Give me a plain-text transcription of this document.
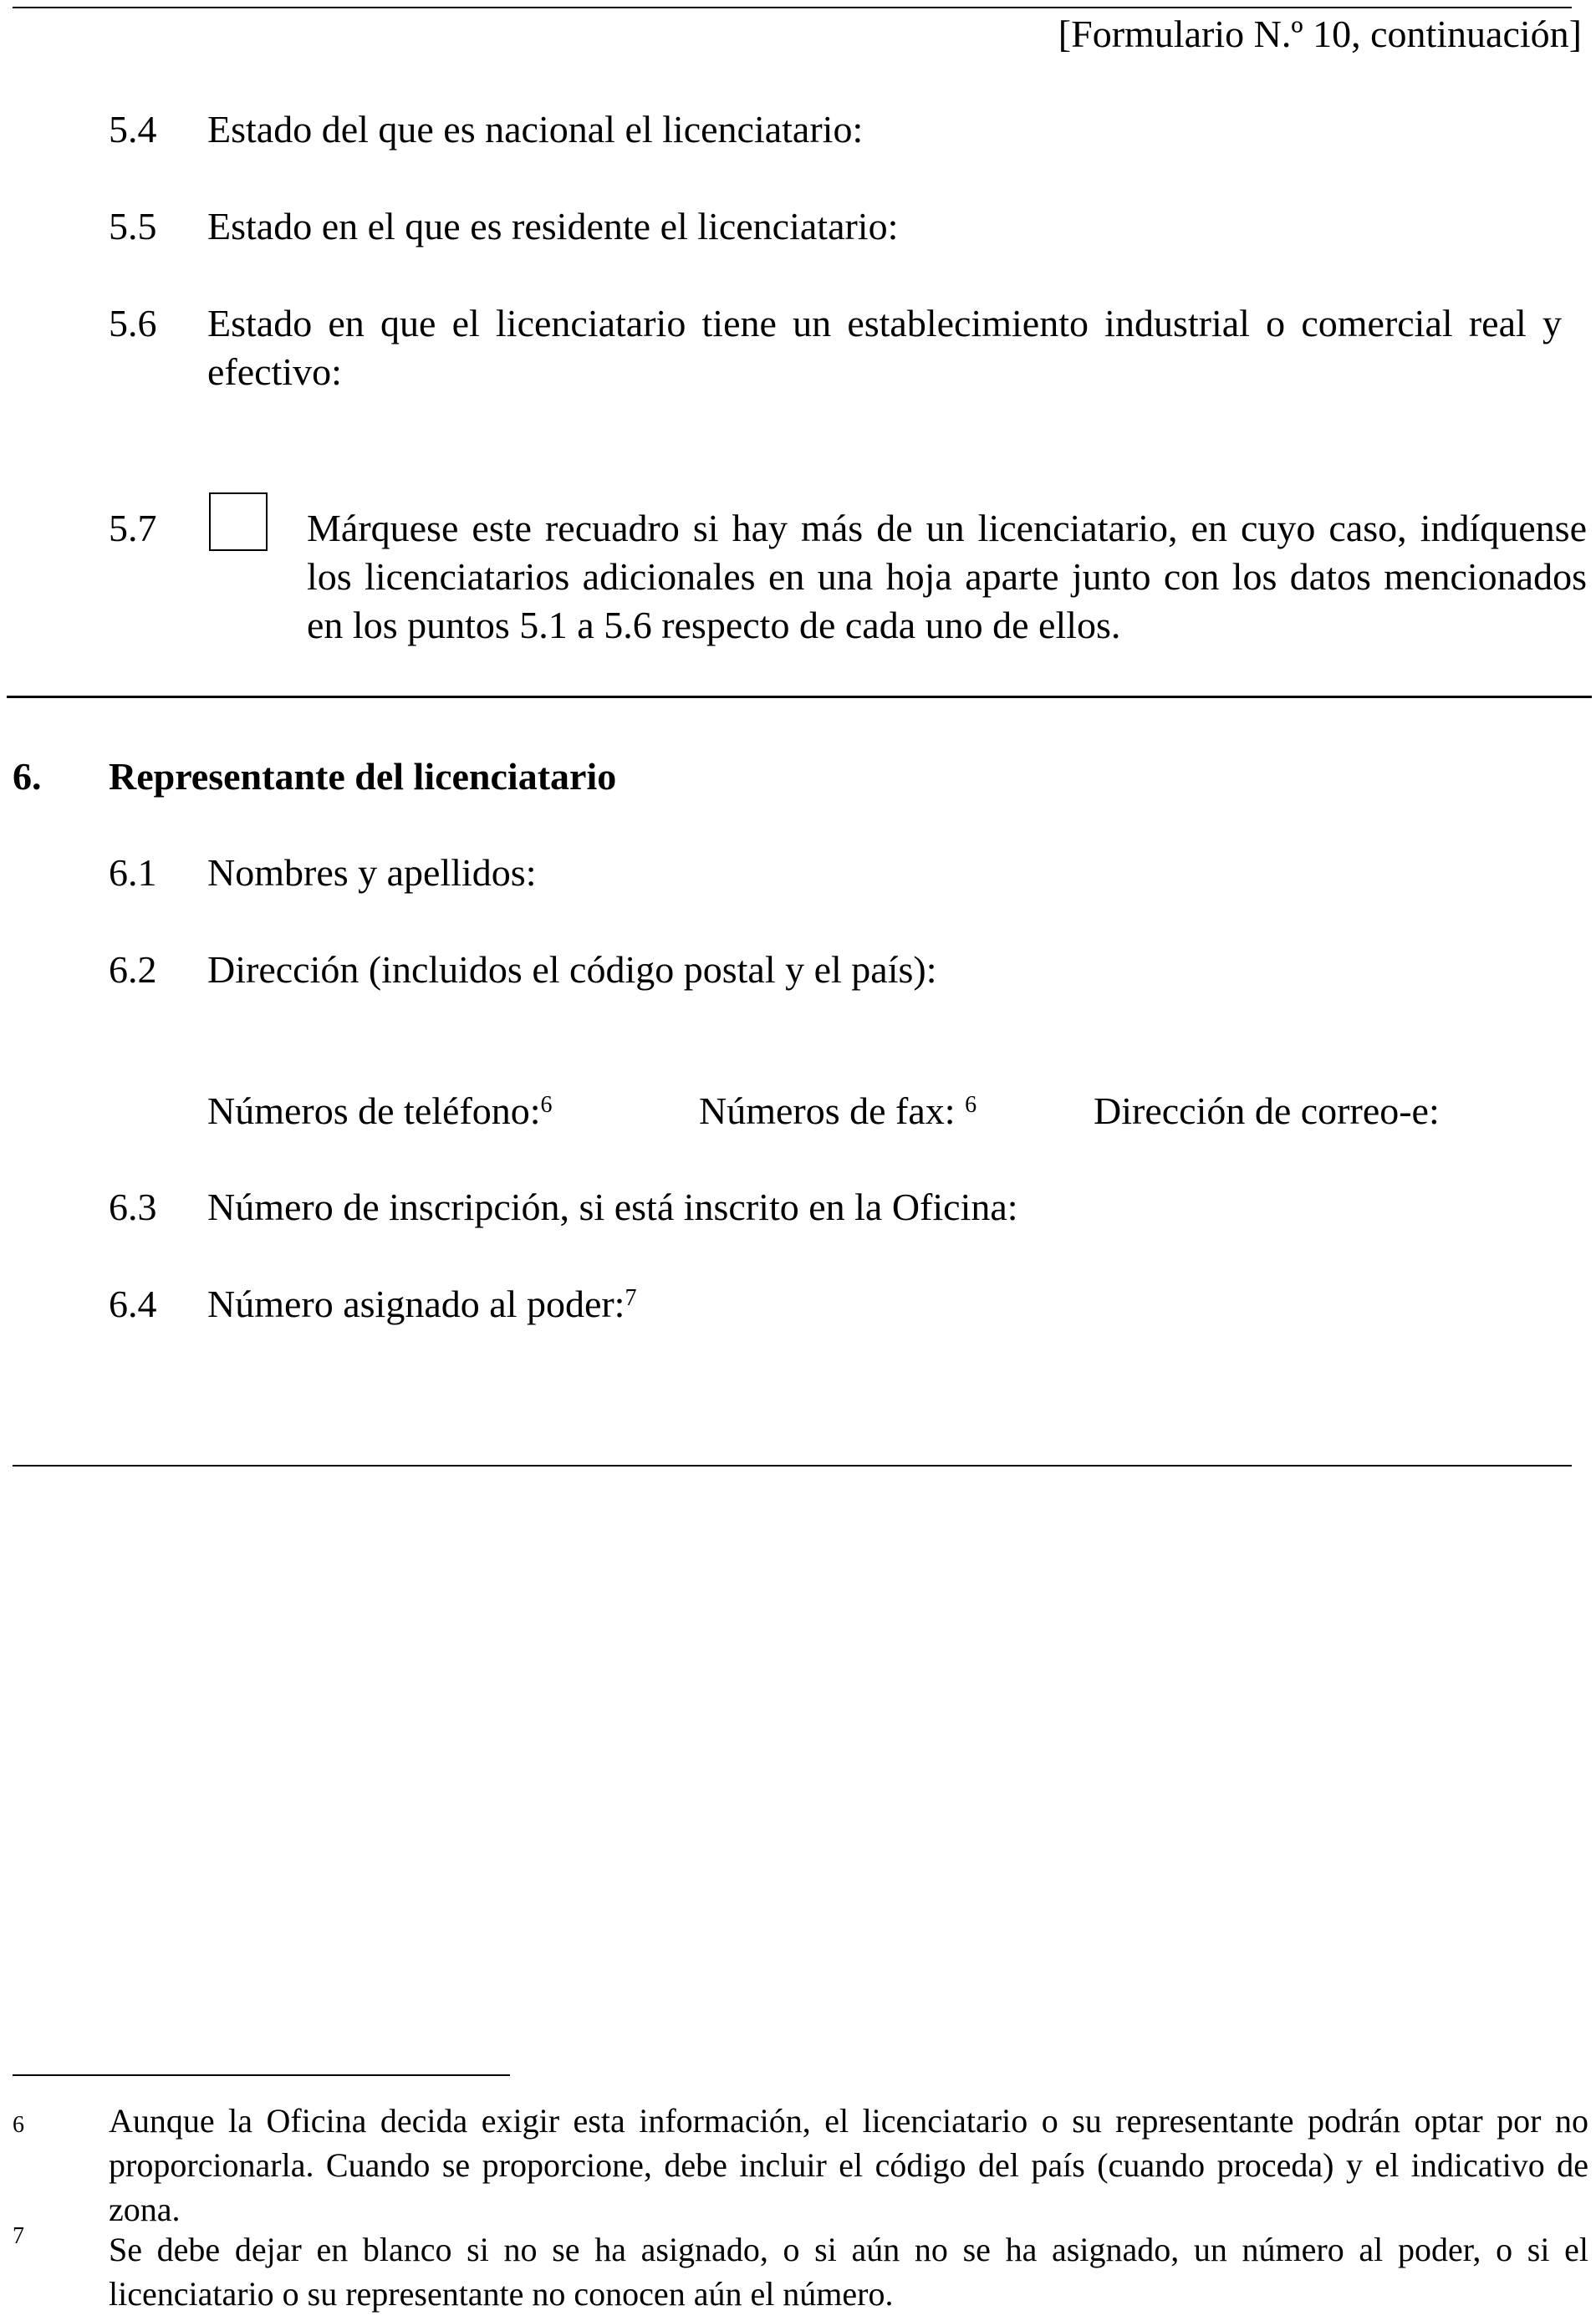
[Formulario N.º 10, continuación]
5.4 Estado del que es nacional el licenciatario:
5.5 Estado en el que es residente el licenciatario:
5.6 Estado en que el licenciatario tiene un establecimiento industrial o comercial real y efectivo:
5.7	Márquese este recuadro si hay más de un licenciatario, en cuyo caso, indíquense los licenciatarios adicionales en una hoja aparte junto con los datos mencionados en los puntos 5.1 a 5.6 respecto de cada uno de ellos.
6. Representante del licenciatario
6.1 Nombres y apellidos:
6.2 Dirección (incluidos el código postal y el país):
Números de teléfono:$^6$	Números de fax: $^6$	Dirección de correo-e:
6.3 Número de inscripción, si está inscrito en la Oficina:
6.4 Número asignado al poder:$^7$
6	Aunque la Oficina decida exigir esta información, el licenciatario o su representante podrán optar por no proporcionarla. Cuando se proporcione, debe incluir el código del país (cuando proceda) y el indicativo de zona.
7	Se debe dejar en blanco si no se ha asignado, o si aún no se ha asignado, un número al poder, o si el licenciatario o su representante no conocen aún el número.
